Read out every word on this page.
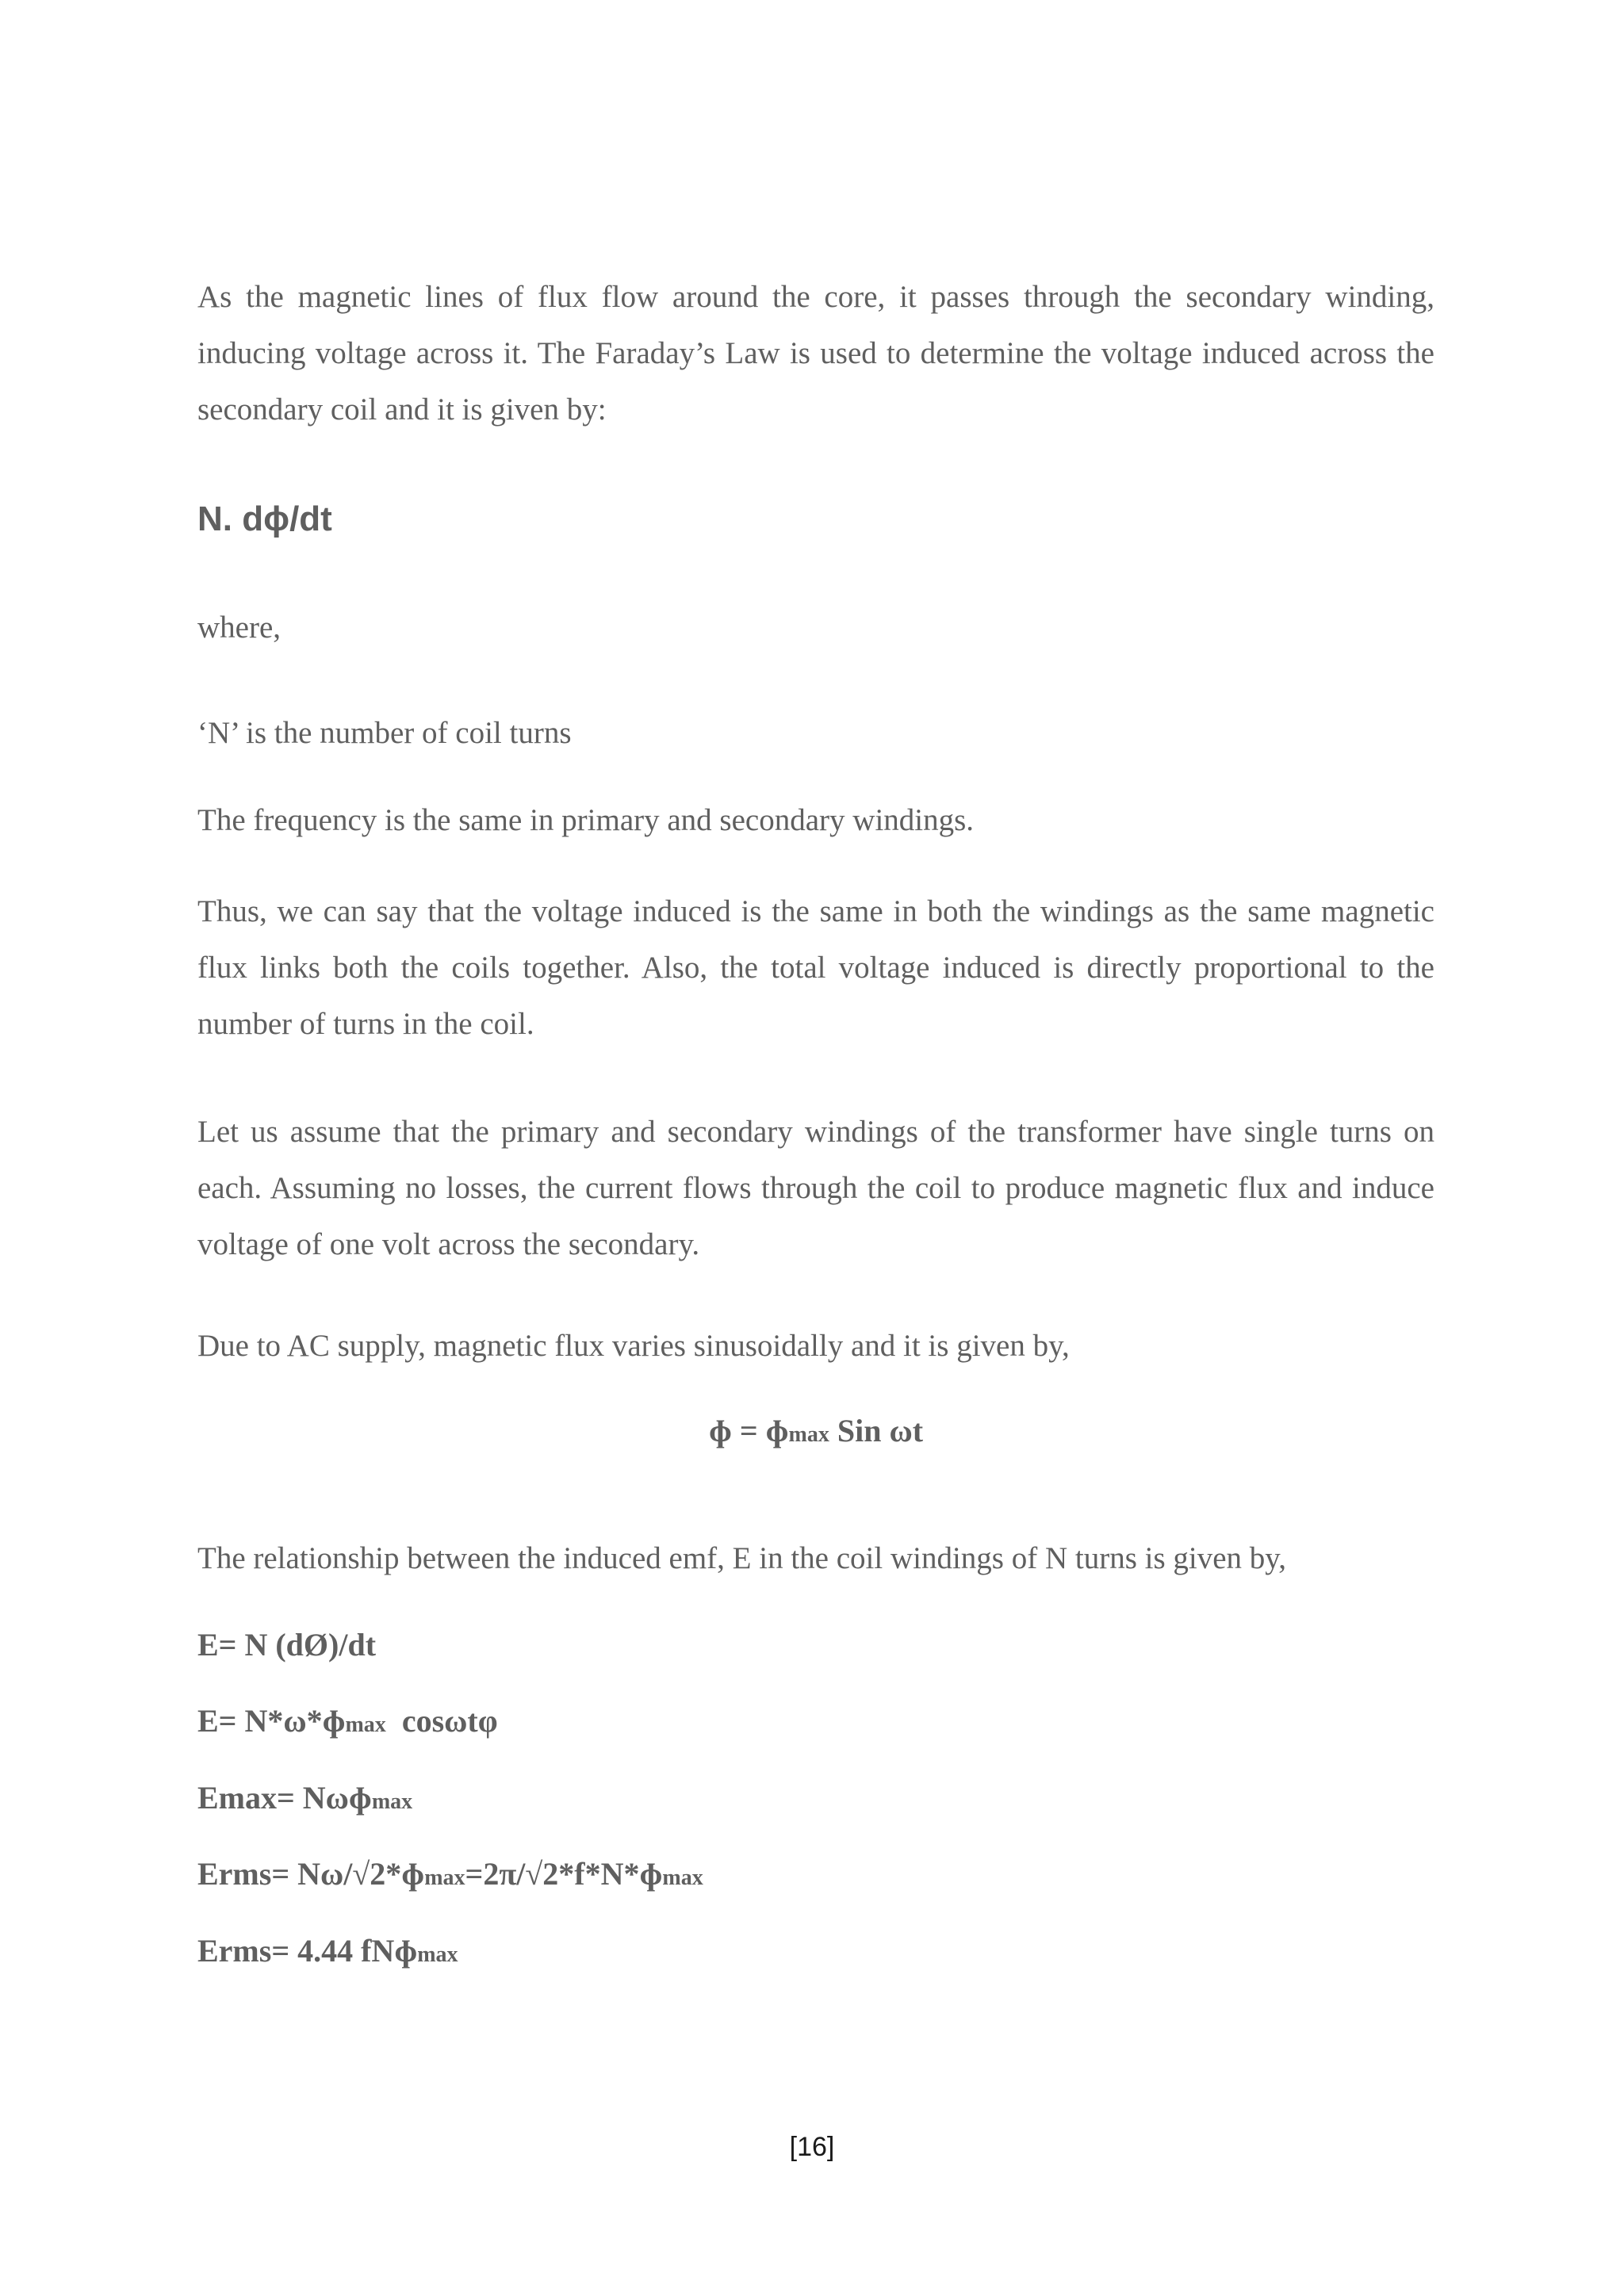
As the magnetic lines of flux flow around the core, it passes through the secondary winding, inducing voltage across it. The Faraday’s Law is used to determine the voltage induced across the secondary coil and it is given by:

N. dɸ/dt

where,

‘N’ is the number of coil turns

The frequency is the same in primary and secondary windings.

Thus, we can say that the voltage induced is the same in both the windings as the same magnetic flux links both the coils together. Also, the total voltage induced is directly proportional to the number of turns in the coil.

Let us assume that the primary and secondary windings of the transformer have single turns on each. Assuming no losses, the current flows through the coil to produce magnetic flux and induce voltage of one volt across the secondary.

Due to AC supply, magnetic flux varies sinusoidally and it is given by,

ɸ = ɸmax Sin ωt

The relationship between the induced emf, E in the coil windings of N turns is given by,

E= N (dØ)/dt

E= N*ω*ɸmax  cosωtφ

Emax= Nωɸmax

Erms= Nω/√2*ɸmax=2π/√2*f*N*ɸmax

Erms= 4.44 fNɸmax

[16]
